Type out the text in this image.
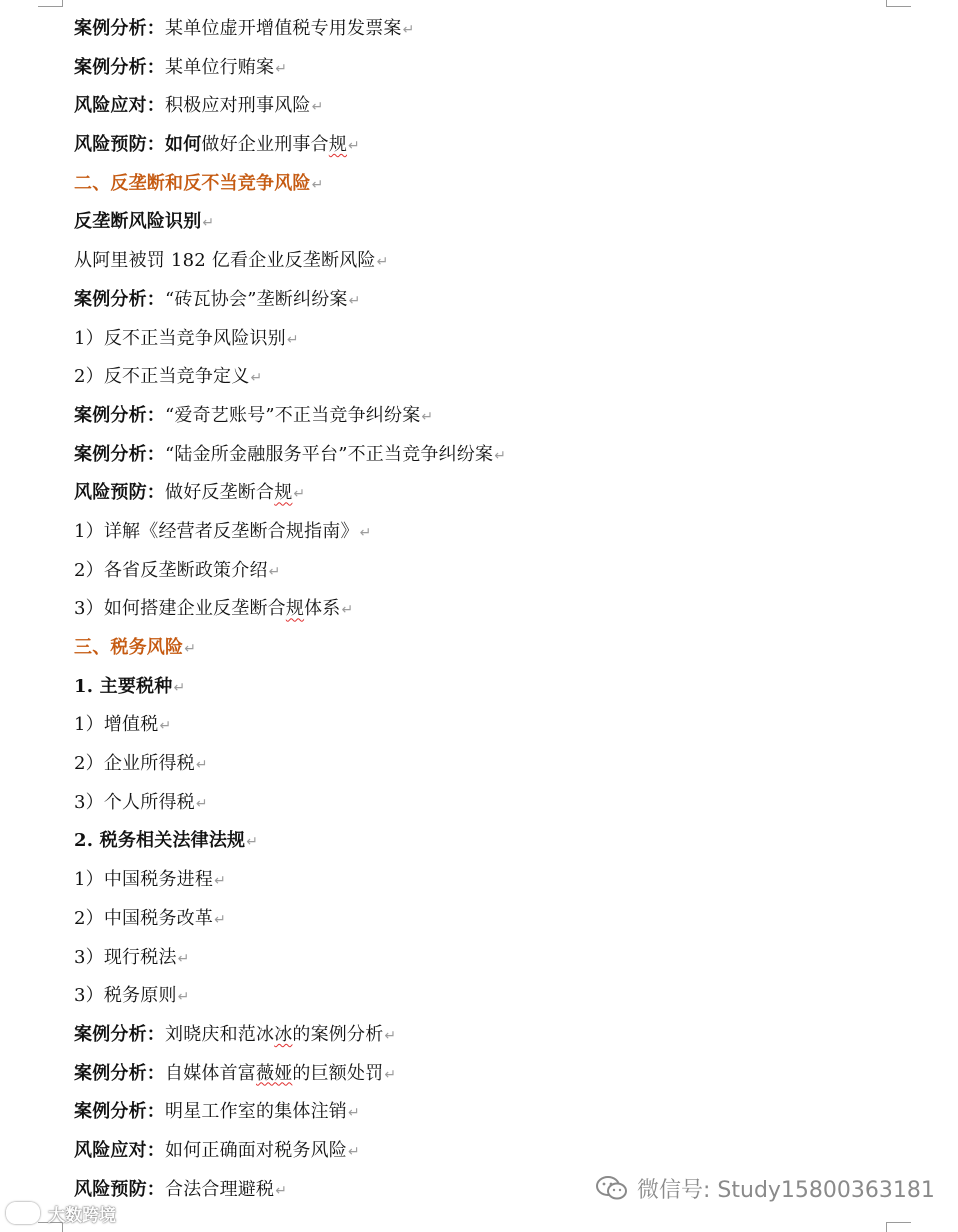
案例分析：某单位虚开增值税专用发票案↵
案例分析：某单位行贿案↵
风险应对：积极应对刑事风险↵
风险预防：如何做好企业刑事合规↵
二、反垄断和反不当竞争风险↵
反垄断风险识别↵
从阿里被罚 182 亿看企业反垄断风险↵
案例分析：“砖瓦协会”垄断纠纷案↵
1）反不正当竞争风险识别↵
2）反不正当竞争定义↵
案例分析：“爱奇艺账号”不正当竞争纠纷案↵
案例分析：“陆金所金融服务平台”不正当竞争纠纷案↵
风险预防：做好反垄断合规↵
1）详解《经营者反垄断合规指南》↵
2）各省反垄断政策介绍↵
3）如何搭建企业反垄断合规体系↵
三、税务风险↵
1. 主要税种↵
1）增值税↵
2）企业所得税↵
3）个人所得税↵
2. 税务相关法律法规↵
1）中国税务进程↵
2）中国税务改革↵
3）现行税法↵
3）税务原则↵
案例分析：刘晓庆和范冰冰的案例分析↵
案例分析：自媒体首富薇娅的巨额处罚↵
案例分析：明星工作室的集体注销↵
风险应对：如何正确面对税务风险↵
风险预防：合法合理避税↵
大数跨境
微信号: Study15800363181
